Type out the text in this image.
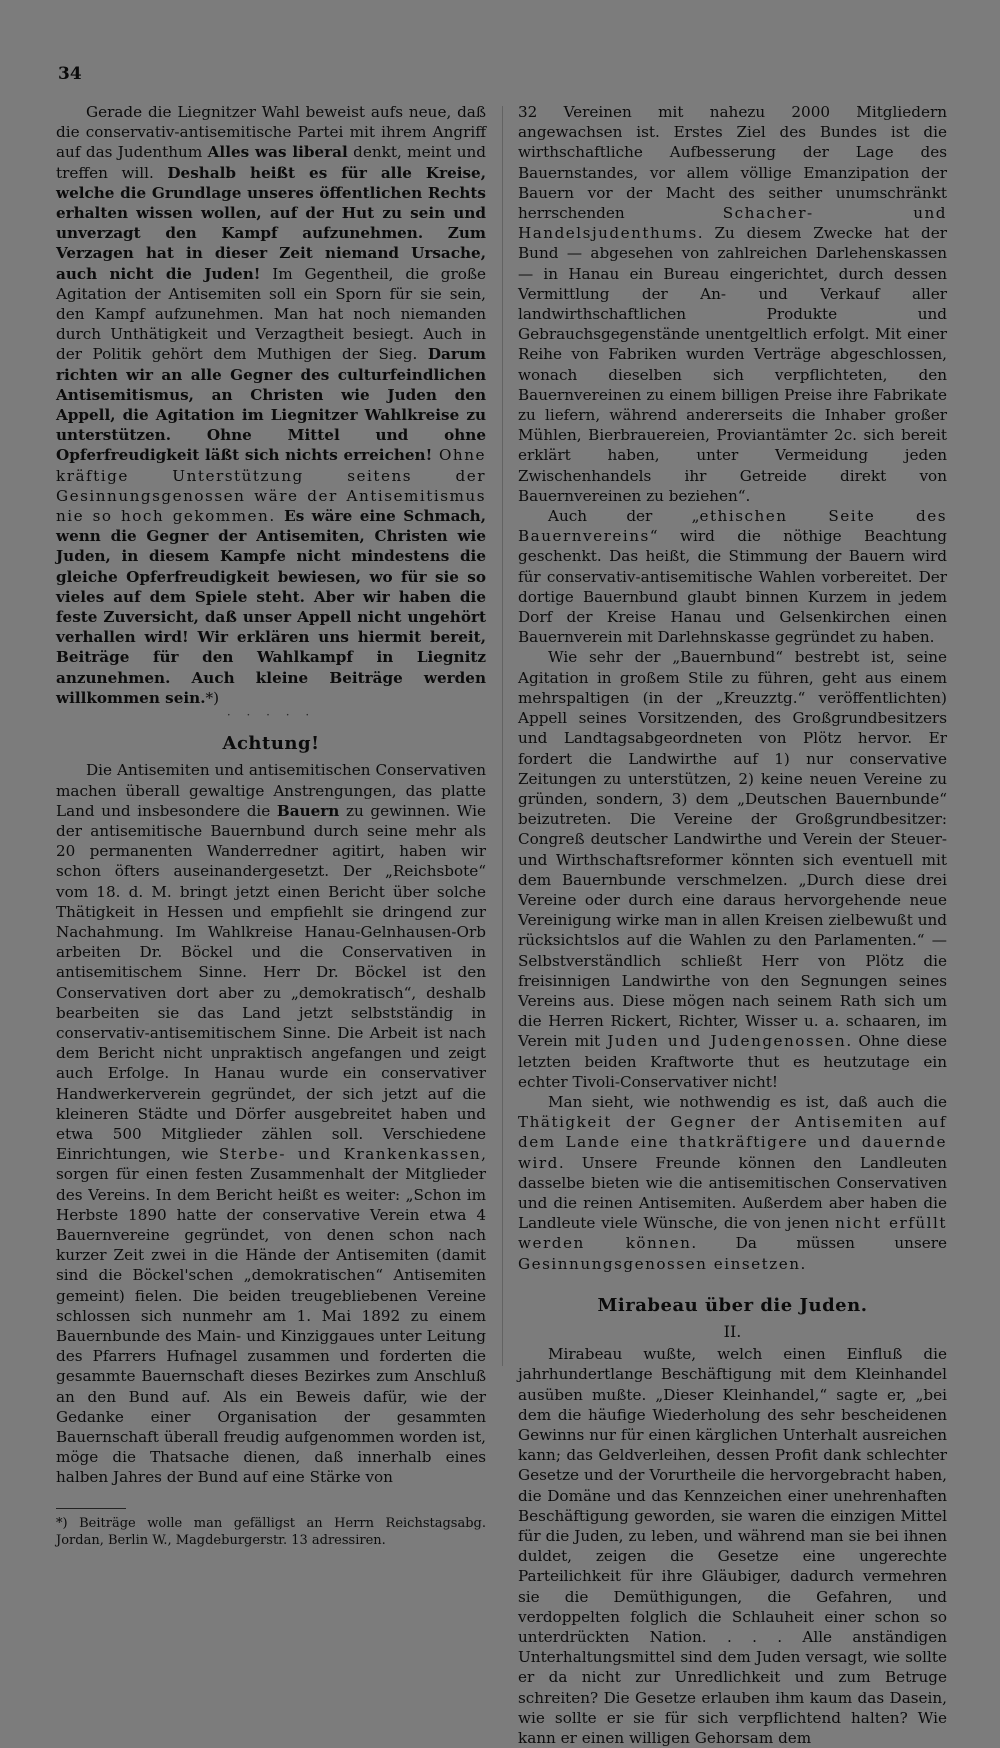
34

Gerade die Liegnitzer Wahl beweist aufs neue, daß die conservativ-antisemitische Partei mit ihrem Angriff auf das Judenthum Alles was liberal denkt, meint und treffen will. Deshalb heißt es für alle Kreise, welche die Grundlage unseres öffentlichen Rechts erhalten wissen wollen, auf der Hut zu sein und unverzagt den Kampf aufzunehmen. Zum Verzagen hat in dieser Zeit niemand Ursache, auch nicht die Juden! Im Gegentheil, die große Agitation der Antisemiten soll ein Sporn für sie sein, den Kampf aufzunehmen. Man hat noch niemanden durch Unthätigkeit und Verzagtheit besiegt. Auch in der Politik gehört dem Muthigen der Sieg. Darum richten wir an alle Gegner des culturfeindlichen Antisemitismus, an Christen wie Juden den Appell, die Agitation im Liegnitzer Wahlkreise zu unterstützen. Ohne Mittel und ohne Opferfreudigkeit läßt sich nichts erreichen! Ohne kräftige Unterstützung seitens der Gesinnungsgenossen wäre der Antisemitismus nie so hoch gekommen. Es wäre eine Schmach, wenn die Gegner der Antisemiten, Christen wie Juden, in diesem Kampfe nicht mindestens die gleiche Opferfreudigkeit bewiesen, wo für sie so vieles auf dem Spiele steht. Aber wir haben die feste Zuversicht, daß unser Appell nicht ungehört verhallen wird! Wir erklären uns hiermit bereit, Beiträge für den Wahlkampf in Liegnitz anzunehmen. Auch kleine Beiträge werden willkommen sein.*)

· · · · ·
Achtung!

Die Antisemiten und antisemitischen Conservativen machen überall gewaltige Anstrengungen, das platte Land und insbesondere die Bauern zu gewinnen. Wie der antisemitische Bauernbund durch seine mehr als 20 permanenten Wanderredner agitirt, haben wir schon öfters auseinandergesetzt. Der „Reichsbote“ vom 18. d. M. bringt jetzt einen Bericht über solche Thätigkeit in Hessen und empfiehlt sie dringend zur Nachahmung. Im Wahlkreise Hanau-Gelnhausen-Orb arbeiten Dr. Böckel und die Conservativen in antisemitischem Sinne. Herr Dr. Böckel ist den Conservativen dort aber zu „demokratisch“, deshalb bearbeiten sie das Land jetzt selbstständig in conservativ-antisemitischem Sinne. Die Arbeit ist nach dem Bericht nicht unpraktisch angefangen und zeigt auch Erfolge. In Hanau wurde ein conservativer Handwerkerverein gegründet, der sich jetzt auf die kleineren Städte und Dörfer ausgebreitet haben und etwa 500 Mitglieder zählen soll. Verschiedene Einrichtungen, wie Sterbe- und Krankenkassen, sorgen für einen festen Zusammenhalt der Mitglieder des Vereins. In dem Bericht heißt es weiter: „Schon im Herbste 1890 hatte der conservative Verein etwa 4 Bauernvereine gegründet, von denen schon nach kurzer Zeit zwei in die Hände der Antisemiten (damit sind die Böckel'schen „demokratischen“ Antisemiten gemeint) fielen. Die beiden treugebliebenen Vereine schlossen sich nunmehr am 1. Mai 1892 zu einem Bauernbunde des Main- und Kinziggaues unter Leitung des Pfarrers Hufnagel zusammen und forderten die gesammte Bauernschaft dieses Bezirkes zum Anschluß an den Bund auf. Als ein Beweis dafür, wie der Gedanke einer Organisation der gesammten Bauernschaft überall freudig aufgenommen worden ist, möge die Thatsache dienen, daß innerhalb eines halben Jahres der Bund auf eine Stärke von

*) Beiträge wolle man gefälligst an Herrn Reichstagsabg. Jordan, Berlin W., Magdeburgerstr. 13 adressiren.

32 Vereinen mit nahezu 2000 Mitgliedern angewachsen ist. Erstes Ziel des Bundes ist die wirthschaftliche Aufbesserung der Lage des Bauernstandes, vor allem völlige Emanzipation der Bauern vor der Macht des seither unumschränkt herrschenden Schacher- und Handelsjudenthums. Zu diesem Zwecke hat der Bund — abgesehen von zahlreichen Darlehenskassen — in Hanau ein Bureau eingerichtet, durch dessen Vermittlung der An- und Verkauf aller landwirthschaftlichen Produkte und Gebrauchsgegenstände unentgeltlich erfolgt. Mit einer Reihe von Fabriken wurden Verträge abgeschlossen, wonach dieselben sich verpflichteten, den Bauernvereinen zu einem billigen Preise ihre Fabrikate zu liefern, während andererseits die Inhaber großer Mühlen, Bierbrauereien, Proviantämter 2c. sich bereit erklärt haben, unter Vermeidung jeden Zwischenhandels ihr Getreide direkt von Bauernvereinen zu beziehen“.

Auch der „ethischen Seite des Bauernvereins“ wird die nöthige Beachtung geschenkt. Das heißt, die Stimmung der Bauern wird für conservativ-antisemitische Wahlen vorbereitet. Der dortige Bauernbund glaubt binnen Kurzem in jedem Dorf der Kreise Hanau und Gelsenkirchen einen Bauernverein mit Darlehnskasse gegründet zu haben.

Wie sehr der „Bauernbund“ bestrebt ist, seine Agitation in großem Stile zu führen, geht aus einem mehrspaltigen (in der „Kreuzztg.“ veröffentlichten) Appell seines Vorsitzenden, des Großgrundbesitzers und Landtagsabgeordneten von Plötz hervor. Er fordert die Landwirthe auf 1) nur conservative Zeitungen zu unterstützen, 2) keine neuen Vereine zu gründen, sondern, 3) dem „Deutschen Bauernbunde“ beizutreten. Die Vereine der Großgrundbesitzer: Congreß deutscher Landwirthe und Verein der Steuer- und Wirthschaftsreformer könnten sich eventuell mit dem Bauernbunde verschmelzen. „Durch diese drei Vereine oder durch eine daraus hervorgehende neue Vereinigung wirke man in allen Kreisen zielbewußt und rücksichtslos auf die Wahlen zu den Parlamenten.“ — Selbstverständlich schließt Herr von Plötz die freisinnigen Landwirthe von den Segnungen seines Vereins aus. Diese mögen nach seinem Rath sich um die Herren Rickert, Richter, Wisser u. a. schaaren, im Verein mit Juden und Judengenossen. Ohne diese letzten beiden Kraftworte thut es heutzutage ein echter Tivoli-Conservativer nicht!

Man sieht, wie nothwendig es ist, daß auch die Thätigkeit der Gegner der Antisemiten auf dem Lande eine thatkräftigere und dauernde wird. Unsere Freunde können den Landleuten dasselbe bieten wie die antisemitischen Conservativen und die reinen Antisemiten. Außerdem aber haben die Landleute viele Wünsche, die von jenen nicht erfüllt werden können. Da müssen unsere Gesinnungsgenossen einsetzen.

Mirabeau über die Juden.
II.

Mirabeau wußte, welch einen Einfluß die jahrhundertlange Beschäftigung mit dem Kleinhandel ausüben mußte. „Dieser Kleinhandel,“ sagte er, „bei dem die häufige Wiederholung des sehr bescheidenen Gewinns nur für einen kärglichen Unterhalt ausreichen kann; das Geldverleihen, dessen Profit dank schlechter Gesetze und der Vorurtheile die hervorgebracht haben, die Domäne und das Kennzeichen einer unehrenhaften Beschäftigung geworden, sie waren die einzigen Mittel für die Juden, zu leben, und während man sie bei ihnen duldet, zeigen die Gesetze eine ungerechte Parteilichkeit für ihre Gläubiger, dadurch vermehren sie die Demüthigungen, die Gefahren, und verdoppelten folglich die Schlauheit einer schon so unterdrückten Nation. . . . Alle anständigen Unterhaltungsmittel sind dem Juden versagt, wie sollte er da nicht zur Unredlichkeit und zum Betruge schreiten? Die Gesetze erlauben ihm kaum das Dasein, wie sollte er sie für sich verpflichtend halten? Wie kann er einen willigen Gehorsam dem
